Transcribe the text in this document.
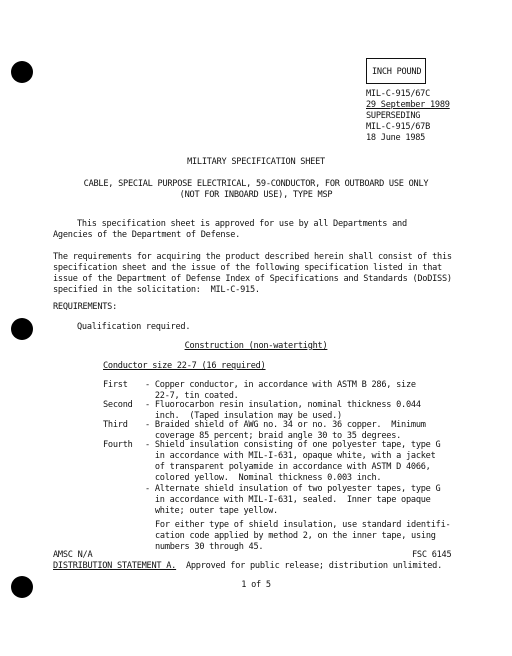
INCH POUND
MIL-C-915/67C
29 September 1989
SUPERSEDING
MIL-C-915/67B
18 June 1985
MILITARY SPECIFICATION SHEET
CABLE, SPECIAL PURPOSE ELECTRICAL, 59-CONDUCTOR, FOR OUTBOARD USE ONLY
(NOT FOR INBOARD USE), TYPE MSP
This specification sheet is approved for use by all Departments and
Agencies of the Department of Defense.
The requirements for acquiring the product described herein shall consist of this
specification sheet and the issue of the following specification listed in that
issue of the Department of Defense Index of Specifications and Standards (DoDISS)
specified in the solicitation:  MIL-C-915.
REQUIREMENTS:
Qualification required.
Construction (non-watertight)
Conductor size 22-7 (16 required)
First - Copper conductor, in accordance with ASTM B 286, size
22-7, tin coated.
Second - Fluorocarbon resin insulation, nominal thickness 0.044
inch.  (Taped insulation may be used.)
Third - Braided shield of AWG no. 34 or no. 36 copper.  Minimum
coverage 85 percent; braid angle 30 to 35 degrees.
Fourth - Shield insulation consisting of one polyester tape, type G
in accordance with MIL-I-631, opaque white, with a jacket
of transparent polyamide in accordance with ASTM D 4066,
colored yellow.  Nominal thickness 0.003 inch.
- Alternate shield insulation of two polyester tapes, type G
in accordance with MIL-I-631, sealed.  Inner tape opaque
white; outer tape yellow.
For either type of shield insulation, use standard identifi-
cation code applied by method 2, on the inner tape, using
numbers 30 through 45.
AMSC N/A	FSC 6145
DISTRIBUTION STATEMENT A.  Approved for public release; distribution unlimited.
1 of 5
